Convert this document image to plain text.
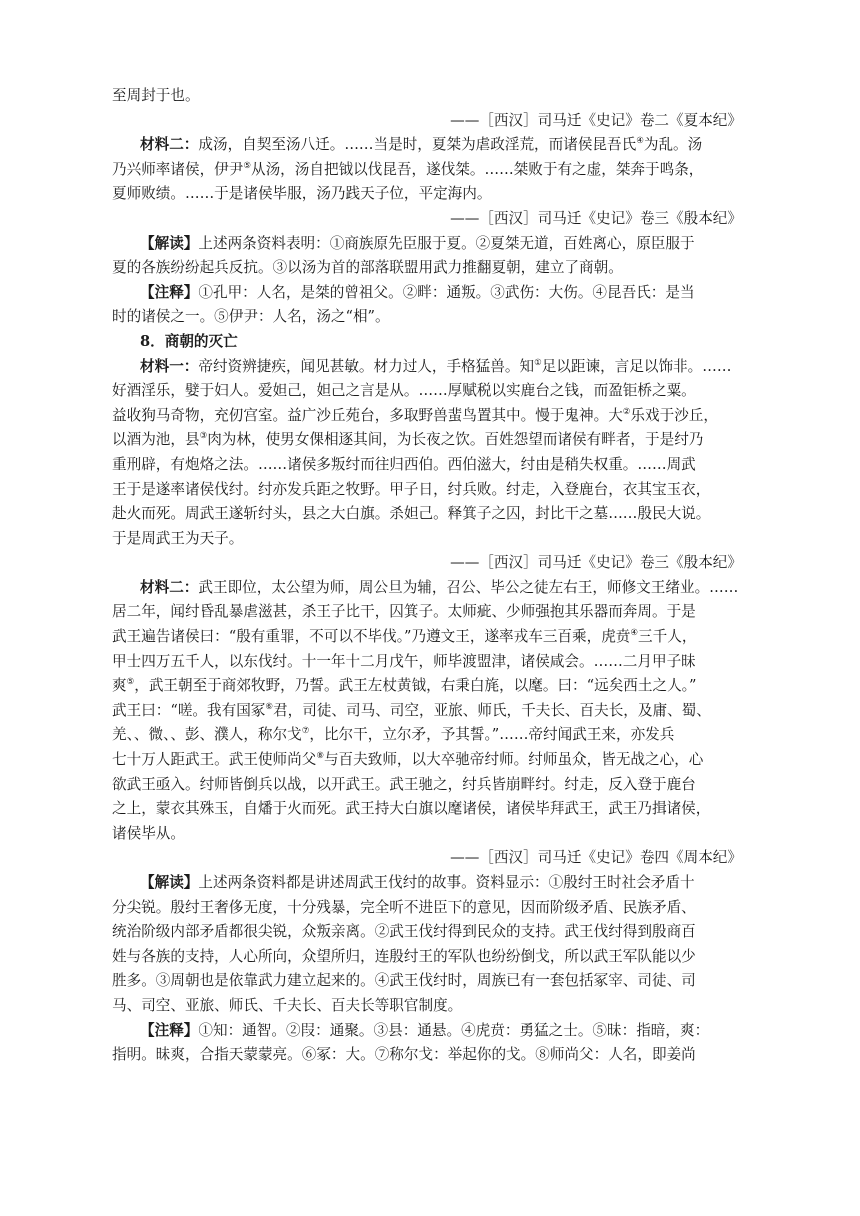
至周封于也。
——［西汉］司马迁《史记》卷二《夏本纪》
材料二：成汤，自契至汤八迁。……当是时，夏桀为虐政淫荒，而诸侯昆吾氏④为乱。汤
乃兴师率诸侯，伊尹⑤从汤，汤自把钺以伐昆吾，遂伐桀。……桀败于有之虚，桀奔于鸣条，
夏师败绩。……于是诸侯毕服，汤乃践天子位，平定海内。
——［西汉］司马迁《史记》卷三《殷本纪》
【解读】上述两条资料表明：①商族原先臣服于夏。②夏桀无道，百姓离心，原臣服于
夏的各族纷纷起兵反抗。③以汤为首的部落联盟用武力推翻夏朝，建立了商朝。
【注释】①孔甲：人名，是桀的曾祖父。②畔：通叛。③武伤：大伤。④昆吾氏：是当
时的诸侯之一。⑤伊尹：人名，汤之“相”。
8．商朝的灭亡
材料一：帝纣资辨捷疾，闻见甚敏。材力过人，手格猛兽。知①足以距谏，言足以饰非。……
好酒淫乐，嬖于妇人。爱妲己，妲己之言是从。……厚赋税以实鹿台之钱，而盈钜桥之粟。
益收狗马奇物，充仞宫室。益广沙丘苑台，多取野兽蜚鸟置其中。慢于鬼神。大②乐戏于沙丘，
以酒为池，县③肉为林，使男女倮相逐其间，为长夜之饮。百姓怨望而诸侯有畔者，于是纣乃
重刑辟，有炮烙之法。……诸侯多叛纣而往归西伯。西伯滋大，纣由是稍失权重。……周武
王于是遂率诸侯伐纣。纣亦发兵距之牧野。甲子日，纣兵败。纣走，入登鹿台，衣其宝玉衣，
赴火而死。周武王遂斩纣头，县之大白旗。杀妲己。释箕子之囚，封比干之墓……殷民大说。
于是周武王为天子。
——［西汉］司马迁《史记》卷三《殷本纪》
材料二：武王即位，太公望为师，周公旦为辅，召公、毕公之徒左右王，师修文王绪业。……
居二年，闻纣昏乱暴虐滋甚，杀王子比干，囚箕子。太师疵、少师强抱其乐器而奔周。于是
武王遍告诸侯曰：“殷有重罪，不可以不毕伐。”乃遵文王，遂率戎车三百乘，虎贲④三千人，
甲士四万五千人，以东伐纣。十一年十二月戊午，师毕渡盟津，诸侯咸会。……二月甲子昧
爽⑤，武王朝至于商郊牧野，乃誓。武王左杖黄钺，右秉白旄，以麾。曰：“远矣西土之人。”
武王曰：“嗟。我有国冢⑥君，司徒、司马、司空，亚旅、师氏，千夫长、百夫长，及庸、蜀、
羌、、微、、彭、濮人，称尔戈⑦，比尔干，立尔矛，予其誓。”……帝纣闻武王来，亦发兵
七十万人距武王。武王使师尚父⑧与百夫致师，以大卒驰帝纣师。纣师虽众，皆无战之心，心
欲武王亟入。纣师皆倒兵以战，以开武王。武王驰之，纣兵皆崩畔纣。纣走，反入登于鹿台
之上，蒙衣其殊玉，自燔于火而死。武王持大白旗以麾诸侯，诸侯毕拜武王，武王乃揖诸侯，
诸侯毕从。
——［西汉］司马迁《史记》卷四《周本纪》
【解读】上述两条资料都是讲述周武王伐纣的故事。资料显示：①殷纣王时社会矛盾十
分尖锐。殷纣王奢侈无度，十分残暴，完全听不进臣下的意见，因而阶级矛盾、民族矛盾、
统治阶级内部矛盾都很尖锐，众叛亲离。②武王伐纣得到民众的支持。武王伐纣得到殷商百
姓与各族的支持，人心所向，众望所归，连殷纣王的军队也纷纷倒戈，所以武王军队能以少
胜多。③周朝也是依靠武力建立起来的。④武王伐纣时，周族已有一套包括冢宰、司徒、司
马、司空、亚旅、师氏、千夫长、百夫长等职官制度。
【注释】①知：通智。②叚：通聚。③县：通悬。④虎贲：勇猛之士。⑤昧：指暗，爽：
指明。昧爽，合指天蒙蒙亮。⑥冢：大。⑦称尔戈：举起你的戈。⑧师尚父：人名，即姜尚
